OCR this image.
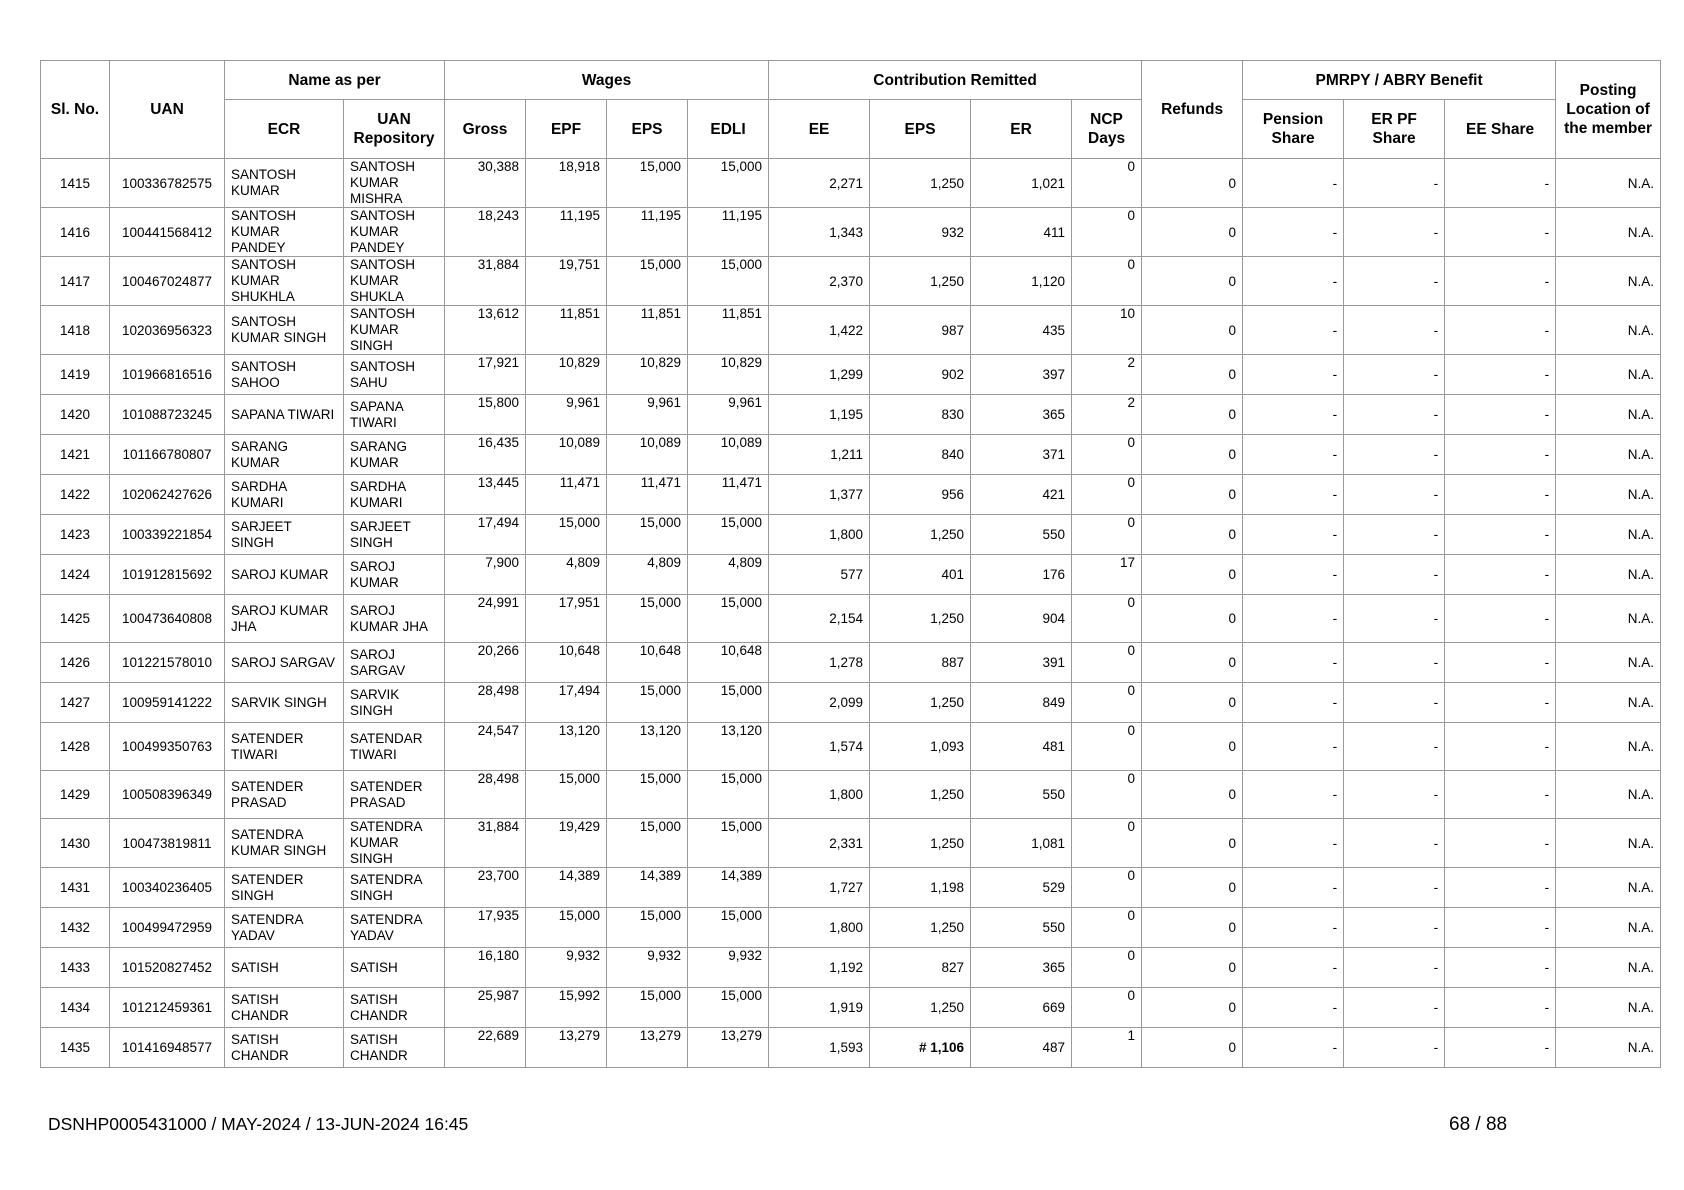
Sl. No.	UAN	Name as per		Wages				Contribution Remitted				Refunds	PMRPY / ABRY Benefit			Posting Location of the member
		ECR	UAN Repository	Gross	EPF	EPS	EDLI	EE	EPS	ER	NCP Days		Pension Share	ER PF Share	EE Share	
1415	100336782575	SANTOSH KUMAR	SANTOSH KUMAR MISHRA	30,388	18,918	15,000	15,000	2,271	1,250	1,021	0	0	-	-	-	N.A.
1416	100441568412	SANTOSH KUMAR PANDEY	SANTOSH KUMAR PANDEY	18,243	11,195	11,195	11,195	1,343	932	411	0	0	-	-	-	N.A.
1417	100467024877	SANTOSH KUMAR SHUKHLA	SANTOSH KUMAR SHUKLA	31,884	19,751	15,000	15,000	2,370	1,250	1,120	0	0	-	-	-	N.A.
1418	102036956323	SANTOSH KUMAR SINGH	SANTOSH KUMAR SINGH	13,612	11,851	11,851	11,851	1,422	987	435	10	0	-	-	-	N.A.
1419	101966816516	SANTOSH SAHOO	SANTOSH SAHU	17,921	10,829	10,829	10,829	1,299	902	397	2	0	-	-	-	N.A.
1420	101088723245	SAPANA TIWARI	SAPANA TIWARI	15,800	9,961	9,961	9,961	1,195	830	365	2	0	-	-	-	N.A.
1421	101166780807	SARANG KUMAR	SARANG KUMAR	16,435	10,089	10,089	10,089	1,211	840	371	0	0	-	-	-	N.A.
1422	102062427626	SARDHA KUMARI	SARDHA KUMARI	13,445	11,471	11,471	11,471	1,377	956	421	0	0	-	-	-	N.A.
1423	100339221854	SARJEET SINGH	SARJEET SINGH	17,494	15,000	15,000	15,000	1,800	1,250	550	0	0	-	-	-	N.A.
1424	101912815692	SAROJ KUMAR	SAROJ KUMAR	7,900	4,809	4,809	4,809	577	401	176	17	0	-	-	-	N.A.
1425	100473640808	SAROJ KUMAR JHA	SAROJ KUMAR JHA	24,991	17,951	15,000	15,000	2,154	1,250	904	0	0	-	-	-	N.A.
1426	101221578010	SAROJ SARGAV	SAROJ SARGAV	20,266	10,648	10,648	10,648	1,278	887	391	0	0	-	-	-	N.A.
1427	100959141222	SARVIK SINGH	SARVIK SINGH	28,498	17,494	15,000	15,000	2,099	1,250	849	0	0	-	-	-	N.A.
1428	100499350763	SATENDER TIWARI	SATENDAR TIWARI	24,547	13,120	13,120	13,120	1,574	1,093	481	0	0	-	-	-	N.A.
1429	100508396349	SATENDER PRASAD	SATENDER PRASAD	28,498	15,000	15,000	15,000	1,800	1,250	550	0	0	-	-	-	N.A.
1430	100473819811	SATENDRA KUMAR SINGH	SATENDRA KUMAR SINGH	31,884	19,429	15,000	15,000	2,331	1,250	1,081	0	0	-	-	-	N.A.
1431	100340236405	SATENDER SINGH	SATENDRA SINGH	23,700	14,389	14,389	14,389	1,727	1,198	529	0	0	-	-	-	N.A.
1432	100499472959	SATENDRA YADAV	SATENDRA YADAV	17,935	15,000	15,000	15,000	1,800	1,250	550	0	0	-	-	-	N.A.
1433	101520827452	SATISH	SATISH	16,180	9,932	9,932	9,932	1,192	827	365	0	0	-	-	-	N.A.
1434	101212459361	SATISH CHANDR	SATISH CHANDR	25,987	15,992	15,000	15,000	1,919	1,250	669	0	0	-	-	-	N.A.
1435	101416948577	SATISH CHANDR	SATISH CHANDR	22,689	13,279	13,279	13,279	1,593	# 1,106	487	1	0	-	-	-	N.A.
DSNHP0005431000 / MAY-2024 / 13-JUN-2024 16:45	68 / 88
